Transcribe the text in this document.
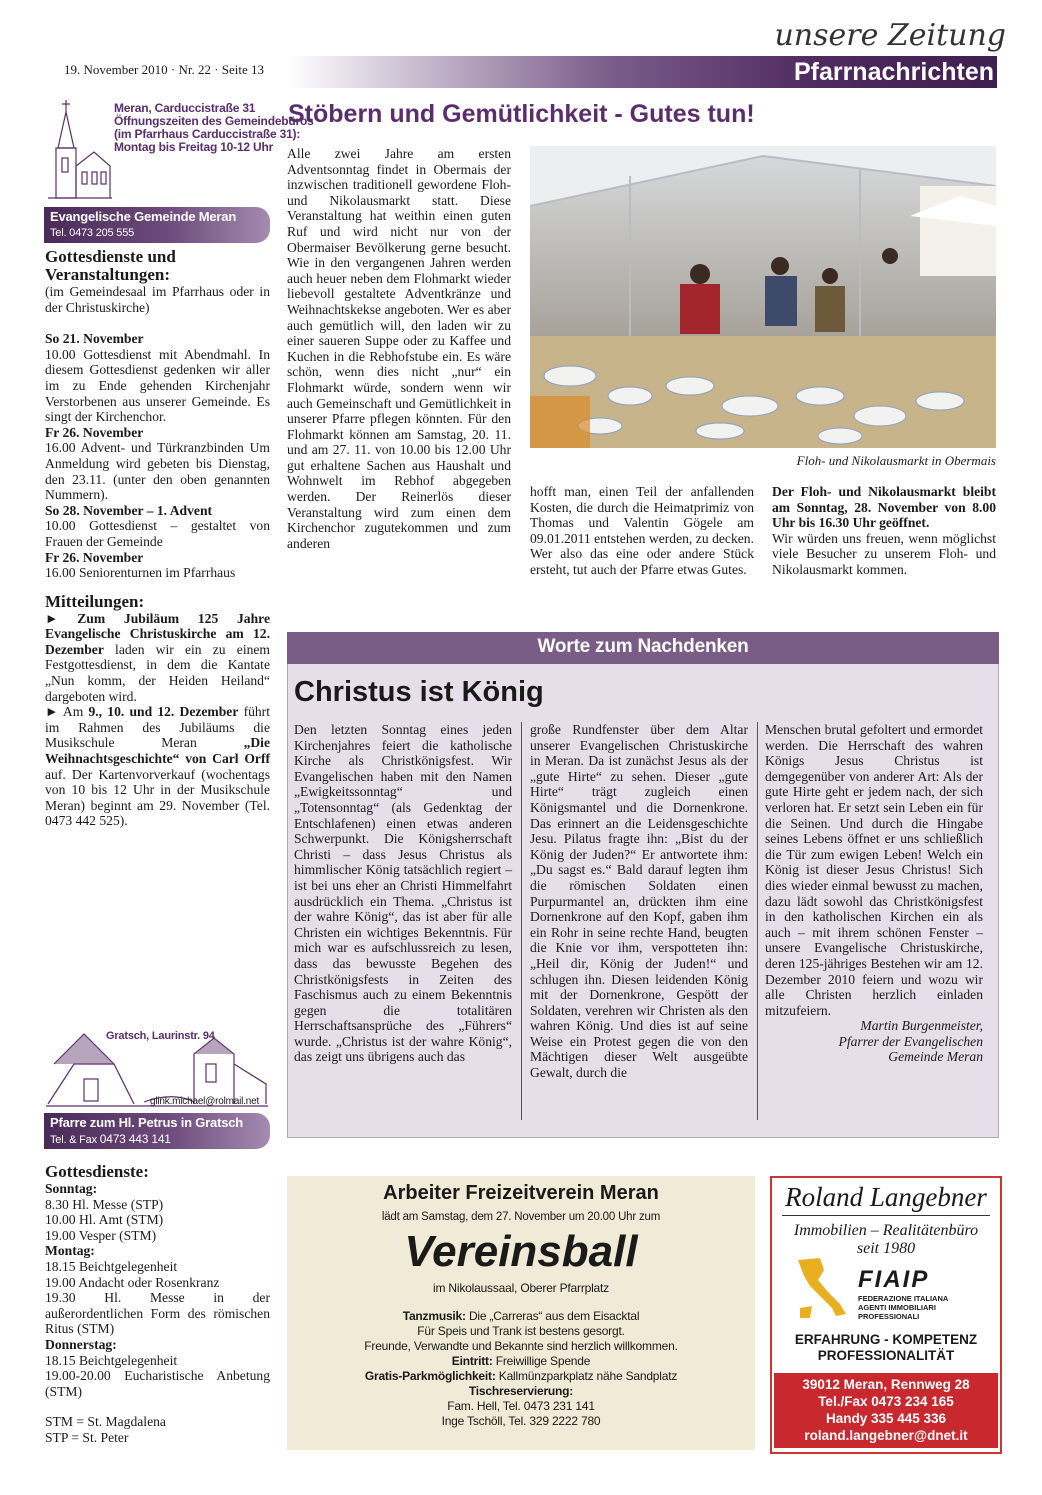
19. November 2010 · Nr. 22 · Seite 13
unsere Zeitung
Pfarrnachrichten
Meran, Carduccistraße 31
Öffnungszeiten des Gemeindebüros
(im Pfarrhaus Carduccistraße 31):
Montag bis Freitag 10-12 Uhr
Evangelische Gemeinde Meran
Tel. 0473 205 555
Gottesdienste und Veranstaltungen:
(im Gemeindesaal im Pfarrhaus oder in der Christuskirche)
So 21. November
10.00 Gottesdienst mit Abendmahl. In diesem Gottesdienst gedenken wir aller im zu Ende gehenden Kirchenjahr Verstorbenen aus unserer Gemeinde. Es singt der Kirchenchor.
Fr 26. November
16.00 Advent- und Türkranzbinden Um Anmeldung wird gebeten bis Dienstag, den 23.11. (unter den oben genannten Nummern).
So 28. November – 1. Advent
10.00 Gottesdienst – gestaltet von Frauen der Gemeinde
Fr 26. November
16.00 Seniorenturnen im Pfarrhaus
Mitteilungen:
► Zum Jubiläum 125 Jahre Evangelische Christuskirche am 12. Dezember laden wir ein zu einem Festgottesdienst, in dem die Kantate „Nun komm, der Heiden Heiland“ dargeboten wird.
► Am 9., 10. und 12. Dezember führt im Rahmen des Jubiläums die Musikschule Meran „Die Weihnachtsgeschichte“ von Carl Orff auf. Der Kartenvorverkauf (wochentags von 10 bis 12 Uhr in der Musikschule Meran) beginnt am 29. November (Tel. 0473 442 525).
Gratsch, Laurinstr. 94
glink.michael@rolmail.net
Pfarre zum Hl. Petrus in Gratsch
Tel. & Fax 0473 443 141
Gottesdienste:
Sonntag:
8.30 Hl. Messe (STP)
10.00 Hl. Amt (STM)
19.00 Vesper (STM)
Montag:
18.15 Beichtgelegenheit
19.00 Andacht oder Rosenkranz
19.30 Hl. Messe in der außerordentlichen Form des römischen Ritus (STM)
Donnerstag:
18.15 Beichtgelegenheit
19.00-20.00 Eucharistische Anbetung (STM)
STM = St. Magdalena
STP = St. Peter
Stöbern und Gemütlichkeit - Gutes tun!
Alle zwei Jahre am ersten Adventsonntag findet in Obermais der inzwischen traditionell gewordene Floh- und Nikolausmarkt statt. Diese Veranstaltung hat weithin einen guten Ruf und wird nicht nur von der Obermaiser Bevölkerung gerne besucht. Wie in den vergangenen Jahren werden auch heuer neben dem Flohmarkt wieder liebevoll gestaltete Adventkränze und Weihnachtskekse angeboten. Wer es aber auch gemütlich will, den laden wir zu einer saueren Suppe oder zu Kaffee und Kuchen in die Rebhofstube ein. Es wäre schön, wenn dies nicht „nur“ ein Flohmarkt würde, sondern wenn wir auch Gemeinschaft und Gemütlichkeit in unserer Pfarre pflegen könnten. Für den Flohmarkt können am Samstag, 20. 11. und am 27. 11. von 10.00 bis 12.00 Uhr gut erhaltene Sachen aus Haushalt und Wohnwelt im Rebhof abgegeben werden. Der Reinerlös dieser Veranstaltung wird zum einen dem Kirchenchor zugutekommen und zum anderen
Floh- und Nikolausmarkt in Obermais
hofft man, einen Teil der anfallenden Kosten, die durch die Heimatprimiz von Thomas und Valentin Gögele am 09.01.2011 entstehen werden, zu decken. Wer also das eine oder andere Stück ersteht, tut auch der Pfarre etwas Gutes.
Der Floh- und Nikolausmarkt bleibt am Sonntag, 28. November von 8.00 Uhr bis 16.30 Uhr geöffnet.
Wir würden uns freuen, wenn möglichst viele Besucher zu unserem Floh- und Nikolausmarkt kommen.
Worte zum Nachdenken
Christus ist König
Den letzten Sonntag eines jeden Kirchenjahres feiert die katholische Kirche als Christkönigsfest. Wir Evangelischen haben mit den Namen „Ewigkeitssonntag“ und „Totensonntag“ (als Gedenktag der Entschlafenen) einen etwas anderen Schwerpunkt. Die Königsherrschaft Christi – dass Jesus Christus als himmlischer König tatsächlich regiert – ist bei uns eher an Christi Himmelfahrt ausdrücklich ein Thema. „Christus ist der wahre König“, das ist aber für alle Christen ein wichtiges Bekenntnis. Für mich war es aufschlussreich zu lesen, dass das bewusste Begehen des Christkönigsfests in Zeiten des Faschismus auch zu einem Bekenntnis gegen die totalitären Herrschaftsansprüche des „Führers“ wurde. „Christus ist der wahre König“, das zeigt uns übrigens auch das
große Rundfenster über dem Altar unserer Evangelischen Christuskirche in Meran. Da ist zunächst Jesus als der „gute Hirte“ zu sehen. Dieser „gute Hirte“ trägt zugleich einen Königsmantel und die Dornenkrone. Das erinnert an die Leidensgeschichte Jesu. Pilatus fragte ihn: „Bist du der König der Juden?“ Er antwortete ihm: „Du sagst es.“ Bald darauf legten ihm die römischen Soldaten einen Purpurmantel an, drückten ihm eine Dornenkrone auf den Kopf, gaben ihm ein Rohr in seine rechte Hand, beugten die Knie vor ihm, verspotteten ihn: „Heil dir, König der Juden!“ und schlugen ihn. Diesen leidenden König mit der Dornenkrone, Gespött der Soldaten, verehren wir Christen als den wahren König. Und dies ist auf seine Weise ein Protest gegen die von den Mächtigen dieser Welt ausgeübte Gewalt, durch die
Menschen brutal gefoltert und ermordet werden. Die Herrschaft des wahren Königs Jesus Christus ist demgegenüber von anderer Art: Als der gute Hirte geht er jedem nach, der sich verloren hat. Er setzt sein Leben ein für die Seinen. Und durch die Hingabe seines Lebens öffnet er uns schließlich die Tür zum ewigen Leben! Welch ein König ist dieser Jesus Christus! Sich dies wieder einmal bewusst zu machen, dazu lädt sowohl das Christkönigsfest in den katholischen Kirchen ein als auch – mit ihrem schönen Fenster – unsere Evangelische Christuskirche, deren 125-jähriges Bestehen wir am 12. Dezember 2010 feiern und wozu wir alle Christen herzlich einladen mitzufeiern.
Martin Burgenmeister,
Pfarrer der Evangelischen
Gemeinde Meran
Arbeiter Freizeitverein Meran
lädt am Samstag, dem 27. November um 20.00 Uhr zum
Vereinsball
im Nikolaussaal, Oberer Pfarrplatz
Tanzmusik: Die „Carreras“ aus dem Eisacktal
Für Speis und Trank ist bestens gesorgt.
Freunde, Verwandte und Bekannte sind herzlich willkommen.
Eintritt: Freiwillige Spende
Gratis-Parkmöglichkeit: Kallmünzparkplatz nähe Sandplatz
Tischreservierung:
Fam. Hell, Tel. 0473 231 141
Inge Tschöll, Tel. 329 2222 780
Roland Langebner
Immobilien – Realitätenbüro
seit 1980
FIAIP
FEDERAZIONE ITALIANA
AGENTI IMMOBILIARI
PROFESSIONALI
ERFAHRUNG - KOMPETENZ
PROFESSIONALITÄT
39012 Meran, Rennweg 28
Tel./Fax 0473 234 165
Handy 335 445 336
roland.langebner@dnet.it
